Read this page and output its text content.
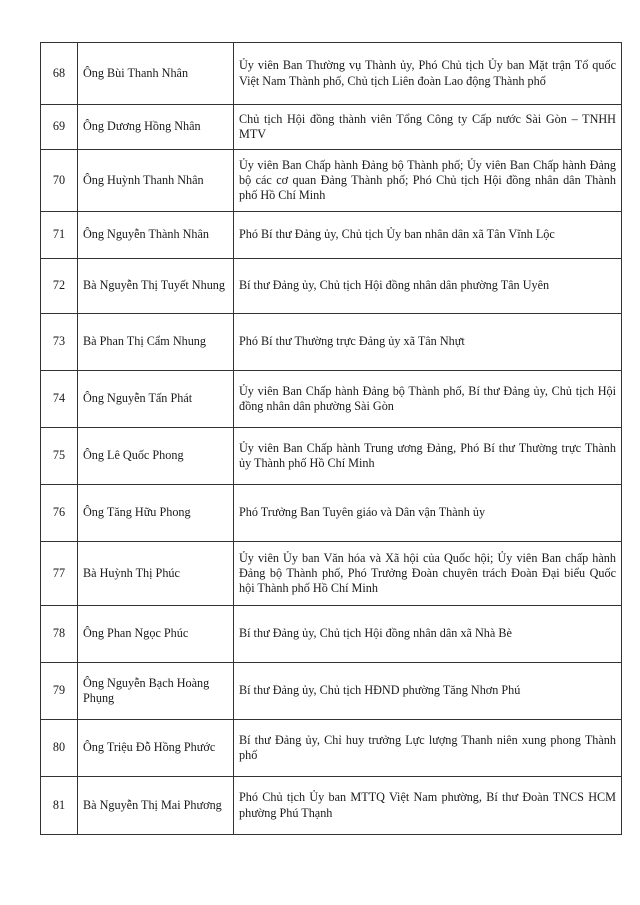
68	Ông Bùi Thanh Nhân	Ủy viên Ban Thường vụ Thành ủy, Phó Chủ tịch Ủy ban Mặt trận Tổ quốc Việt Nam Thành phố, Chủ tịch Liên đoàn Lao động Thành phố
69	Ông Dương Hồng Nhân	Chủ tịch Hội đồng thành viên Tổng Công ty Cấp nước Sài Gòn – TNHH MTV
70	Ông Huỳnh Thanh Nhân	Ủy viên Ban Chấp hành Đảng bộ Thành phố; Ủy viên Ban Chấp hành Đảng bộ các cơ quan Đảng Thành phố; Phó Chủ tịch Hội đồng nhân dân Thành phố Hồ Chí Minh
71	Ông Nguyễn Thành Nhân	Phó Bí thư Đảng ủy, Chủ tịch Ủy ban nhân dân xã Tân Vĩnh Lộc
72	Bà Nguyễn Thị Tuyết Nhung	Bí thư Đảng ủy, Chủ tịch Hội đồng nhân dân phường Tân Uyên
73	Bà Phan Thị Cẩm Nhung	Phó Bí thư Thường trực Đảng ủy xã Tân Nhựt
74	Ông Nguyễn Tấn Phát	Ủy viên Ban Chấp hành Đảng bộ Thành phố, Bí thư Đảng ủy, Chủ tịch Hội đồng nhân dân phường Sài Gòn
75	Ông Lê Quốc Phong	Ủy viên Ban Chấp hành Trung ương Đảng, Phó Bí thư Thường trực Thành ủy Thành phố Hồ Chí Minh
76	Ông Tăng Hữu Phong	Phó Trưởng Ban Tuyên giáo và Dân vận Thành ủy
77	Bà Huỳnh Thị Phúc	Ủy viên Ủy ban Văn hóa và Xã hội của Quốc hội; Ủy viên Ban chấp hành Đảng bộ Thành phố, Phó Trưởng Đoàn chuyên trách Đoàn Đại biểu Quốc hội Thành phố Hồ Chí Minh
78	Ông Phan Ngọc Phúc	Bí thư Đảng ủy, Chủ tịch Hội đồng nhân dân xã Nhà Bè
79	Ông Nguyễn Bạch Hoàng Phụng	Bí thư Đảng ủy, Chủ tịch HĐND phường Tăng Nhơn Phú
80	Ông Triệu Đỗ Hồng Phước	Bí thư Đảng ủy, Chỉ huy trưởng Lực lượng Thanh niên xung phong Thành phố
81	Bà Nguyễn Thị Mai Phương	Phó Chủ tịch Ủy ban MTTQ Việt Nam phường, Bí thư Đoàn TNCS HCM phường Phú Thạnh
